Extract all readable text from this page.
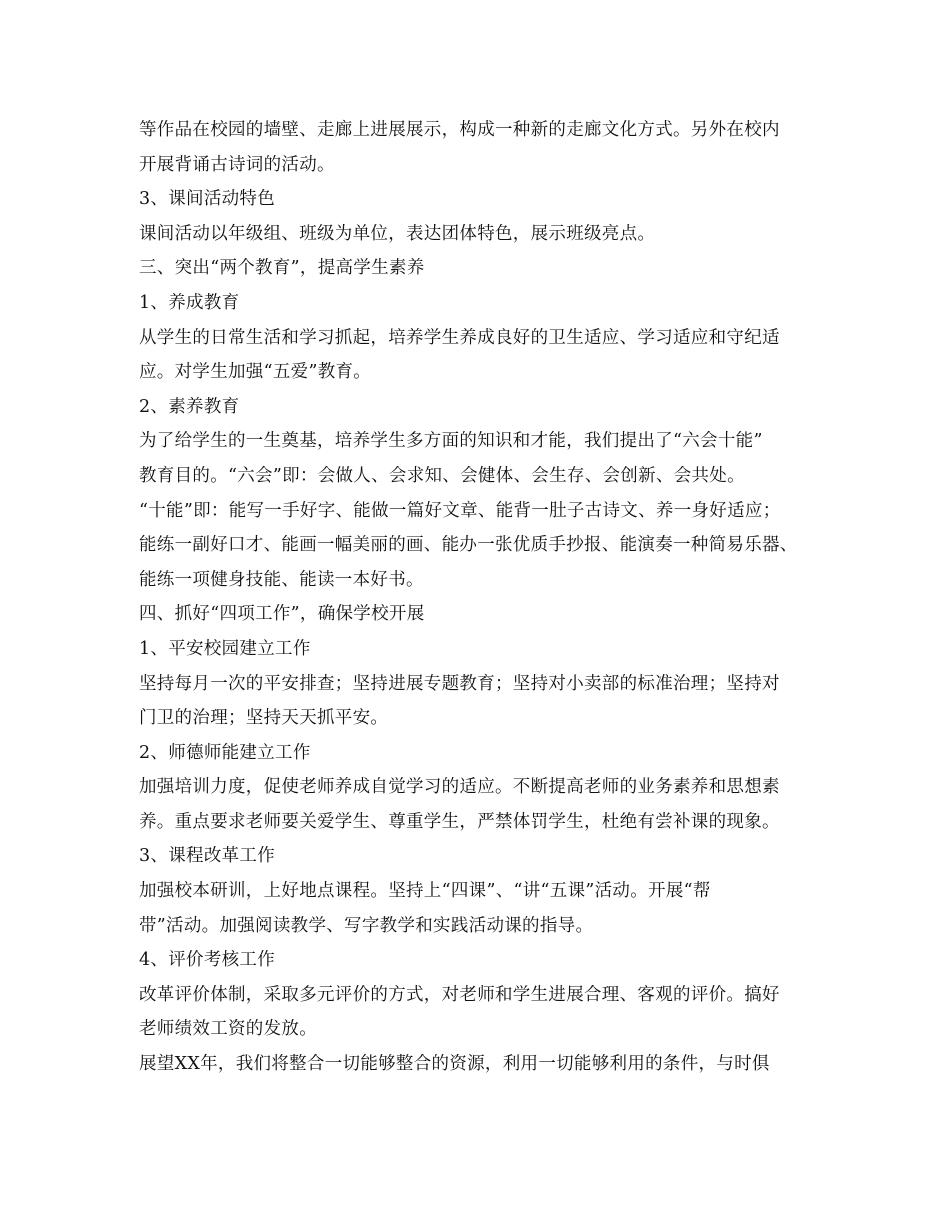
等作品在校园的墙壁、走廊上进展展示，构成一种新的走廊文化方式。另外在校内
开展背诵古诗词的活动。
3、课间活动特色
课间活动以年级组、班级为单位，表达团体特色，展示班级亮点。
三、突出“两个教育”，提高学生素养
1、养成教育
从学生的日常生活和学习抓起，培养学生养成良好的卫生适应、学习适应和守纪适
应。对学生加强“五爱”教育。
2、素养教育
为了给学生的一生奠基，培养学生多方面的知识和才能，我们提出了“六会十能”
教育目的。“六会”即：会做人、会求知、会健体、会生存、会创新、会共处。
“十能”即：能写一手好字、能做一篇好文章、能背一肚子古诗文、养一身好适应；
能练一副好口才、能画一幅美丽的画、能办一张优质手抄报、能演奏一种简易乐器、
能练一项健身技能、能读一本好书。
四、抓好“四项工作”，确保学校开展
1、平安校园建立工作
坚持每月一次的平安排查；坚持进展专题教育；坚持对小卖部的标准治理；坚持对
门卫的治理；坚持天天抓平安。
2、师德师能建立工作
加强培训力度，促使老师养成自觉学习的适应。不断提高老师的业务素养和思想素
养。重点要求老师要关爱学生、尊重学生，严禁体罚学生，杜绝有尝补课的现象。
3、课程改革工作
加强校本研训，上好地点课程。坚持上“四课”、“讲“五课”活动。开展“帮
带”活动。加强阅读教学、写字教学和实践活动课的指导。
4、评价考核工作
改革评价体制，采取多元评价的方式，对老师和学生进展合理、客观的评价。搞好
老师绩效工资的发放。
展望XX年，我们将整合一切能够整合的资源，利用一切能够利用的条件，与时俱
